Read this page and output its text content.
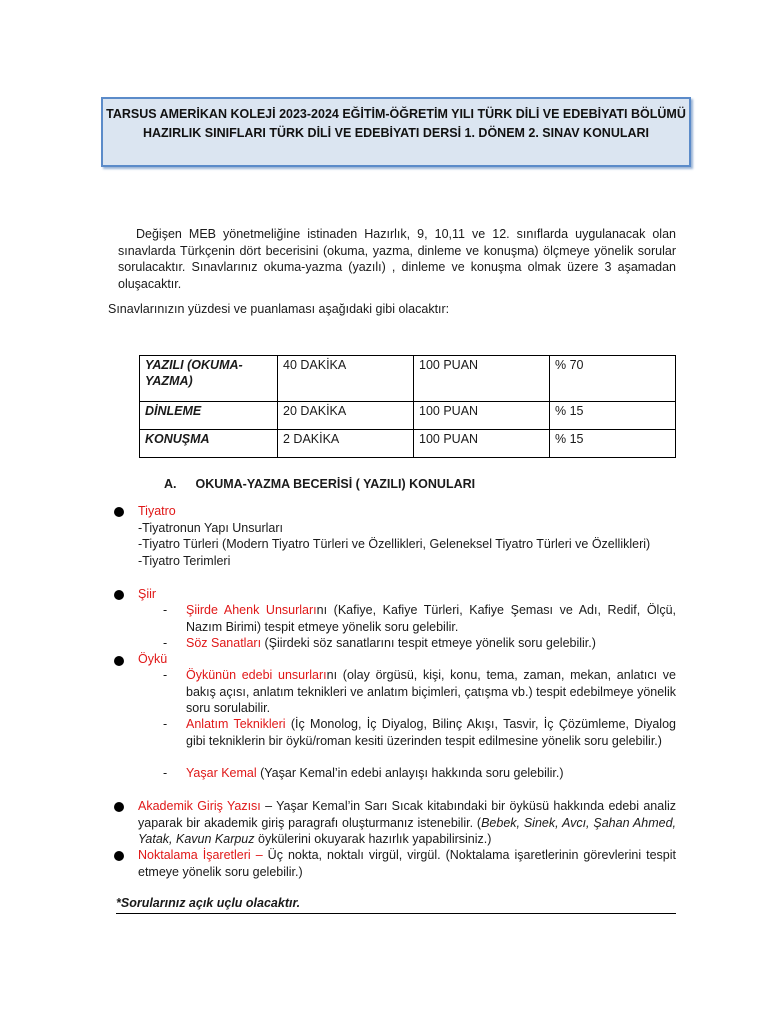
TARSUS AMERİKAN KOLEJİ 2023-2024 EĞİTİM-ÖĞRETİM YILI TÜRK DİLİ VE EDEBİYATI BÖLÜMÜ
HAZIRLIK SINIFLARI TÜRK DİLİ VE EDEBİYATI DERSİ 1. DÖNEM 2. SINAV KONULARI
Değişen MEB yönetmeliğine istinaden Hazırlık, 9, 10,11 ve 12. sınıflarda uygulanacak olan sınavlarda Türkçenin dört becerisini (okuma, yazma, dinleme ve konuşma) ölçmeye yönelik sorular sorulacaktır. Sınavlarınız okuma-yazma (yazılı) , dinleme ve konuşma olmak üzere 3 aşamadan oluşacaktır.
Sınavlarınızın yüzdesi ve puanlaması aşağıdaki gibi olacaktır:
YAZILI (OKUMA-YAZMA)	40 DAKİKA	100 PUAN	% 70
DİNLEME	20 DAKİKA	100 PUAN	% 15
KONUŞMA	2 DAKİKA	100 PUAN	% 15
A. OKUMA-YAZMA BECERİSİ ( YAZILI) KONULARI
Tiyatro
-Tiyatronun Yapı Unsurları
-Tiyatro Türleri (Modern Tiyatro Türleri ve Özellikleri, Geleneksel Tiyatro Türleri ve Özellikleri)
-Tiyatro Terimleri
Şiir
- Şiirde Ahenk Unsurlarını (Kafiye, Kafiye Türleri, Kafiye Şeması ve Adı, Redif, Ölçü, Nazım Birimi) tespit etmeye yönelik soru gelebilir.
- Söz Sanatları (Şiirdeki söz sanatlarını tespit etmeye yönelik soru gelebilir.)
Öykü
- Öykünün edebi unsurlarını (olay örgüsü, kişi, konu, tema, zaman, mekan, anlatıcı ve bakış açısı, anlatım teknikleri ve anlatım biçimleri, çatışma vb.) tespit edebilmeye yönelik soru sorulabilir.
- Anlatım Teknikleri (İç Monolog, İç Diyalog, Bilinç Akışı, Tasvir, İç Çözümleme, Diyalog gibi tekniklerin bir öykü/roman kesiti üzerinden tespit edilmesine yönelik soru gelebilir.)
- Yaşar Kemal (Yaşar Kemal’in edebi anlayışı hakkında soru gelebilir.)
Akademik Giriş Yazısı – Yaşar Kemal’in Sarı Sıcak kitabındaki bir öyküsü hakkında edebi analiz yaparak bir akademik giriş paragrafı oluşturmanız istenebilir. (Bebek, Sinek, Avcı, Şahan Ahmed, Yatak, Kavun Karpuz öykülerini okuyarak hazırlık yapabilirsiniz.)
Noktalama İşaretleri – Üç nokta, noktalı virgül, virgül. (Noktalama işaretlerinin görevlerini tespit etmeye yönelik soru gelebilir.)
*Sorularınız açık uçlu olacaktır.
